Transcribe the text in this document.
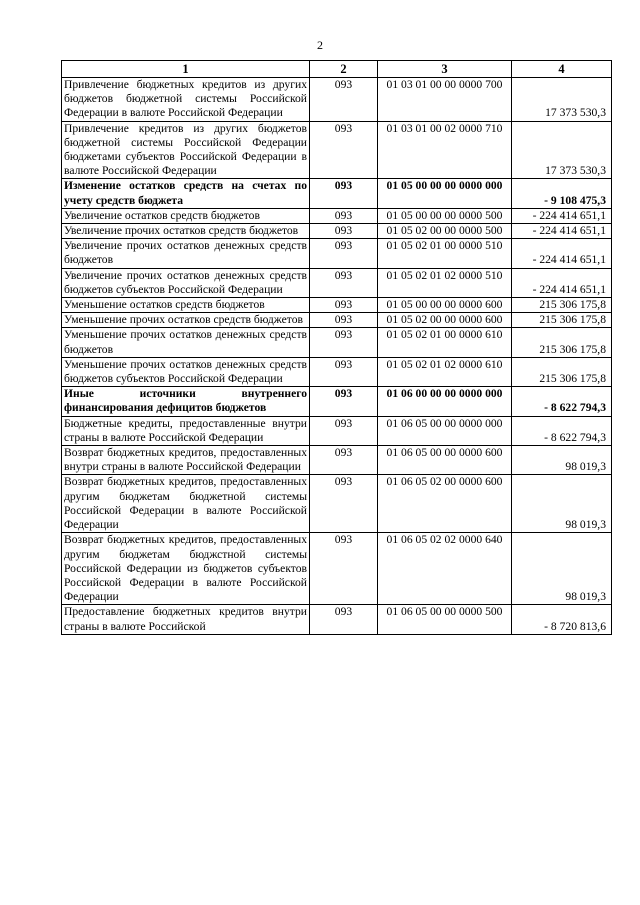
2
1	2	3	4
Привлечение бюджетных кредитов из других бюджетов бюджетной системы Российской Федерации в валюте Российской Федерации	093	01 03 01 00 00 0000 700	17 373 530,3
Привлечение кредитов из других бюджетов бюджетной системы Российской Федерации бюджетами субъектов Российской Федерации в валюте Российской Федерации	093	01 03 01 00 02 0000 710	17 373 530,3
Изменение остатков средств на счетах по учету средств бюджета	093	01 05 00 00 00 0000 000	- 9 108 475,3
Увеличение остатков средств бюджетов	093	01 05 00 00 00 0000 500	- 224 414 651,1
Увеличение прочих остатков средств бюджетов	093	01 05 02 00 00 0000 500	- 224 414 651,1
Увеличение прочих остатков денежных средств бюджетов	093	01 05 02 01 00 0000 510	- 224 414 651,1
Увеличение прочих остатков денежных средств бюджетов субъектов Российской Федерации	093	01 05 02 01 02 0000 510	- 224 414 651,1
Уменьшение остатков средств бюджетов	093	01 05 00 00 00 0000 600	215 306 175,8
Уменьшение прочих остатков средств бюджетов	093	01 05 02 00 00 0000 600	215 306 175,8
Уменьшение прочих остатков денежных средств бюджетов	093	01 05 02 01 00 0000 610	215 306 175,8
Уменьшение прочих остатков денежных средств бюджетов субъектов Российской Федерации	093	01 05 02 01 02 0000 610	215 306 175,8
Иные источники внутреннего финансирования дефицитов бюджетов	093	01 06 00 00 00 0000 000	- 8 622 794,3
Бюджетные кредиты, предоставленные внутри страны в валюте Российской Федерации	093	01 06 05 00 00 0000 000	- 8 622 794,3
Возврат бюджетных кредитов, предоставленных внутри страны в валюте Российской Федерации	093	01 06 05 00 00 0000 600	98 019,3
Возврат бюджетных кредитов, предоставленных другим бюджетам бюджетной системы Российской Федерации в валюте Российской Федерации	093	01 06 05 02 00 0000 600	98 019,3
Возврат бюджетных кредитов, предоставленных другим бюджетам бюджстной системы Российской Федерации из бюджетов субъектов Российской Федерации в валюте Российской Федерации	093	01 06 05 02 02 0000 640	98 019,3
Предоставление бюджетных кредитов внутри страны в валюте Российской	093	01 06 05 00 00 0000 500	- 8 720 813,6
